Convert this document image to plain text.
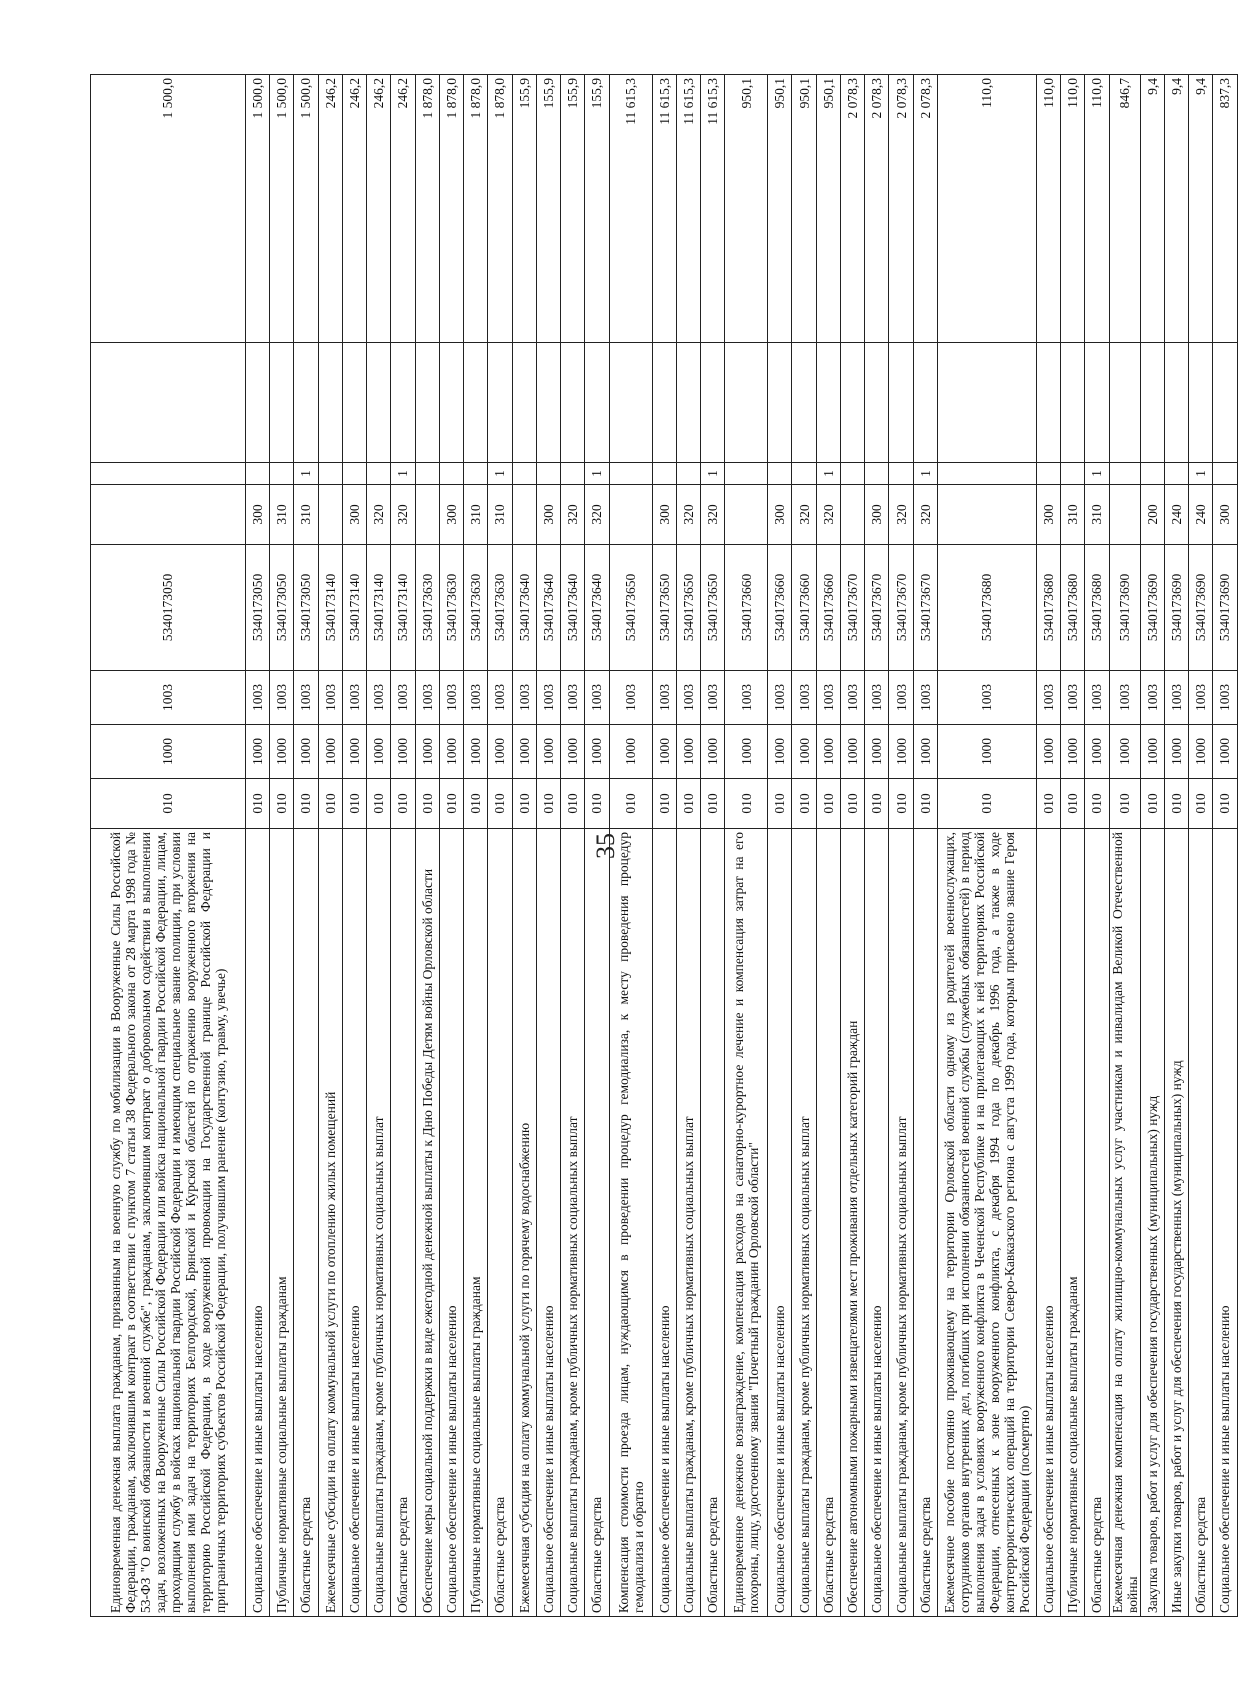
35
Единовременная денежная выплата гражданам, призванным на военную службу по мобилизации в Вооруженные Силы Российской Федерации, гражданам, заключившим контракт в соответствии с пунктом 7 статьи 38 Федерального закона от 28 марта 1998 года № 53-ФЗ "О воинской обязанности и военной службе", гражданам, заключившим контракт о добровольном содействии в выполнении задач, возложенных на Вооруженные Силы Российской Федерации или войска национальной гвардии Российской Федерации, лицам, проходящим службу в войсках национальной гвардии Российской Федерации и имеющим специальное звание полиции, при условии выполнения ими задач на территориях Белгородской, Брянской и Курской областей по отражению вооруженного вторжения на территорию Российской Федерации, в ходе вооруженной провокации на Государственной границе Российской Федерации и приграничных территориях субъектов Российской Федерации, получившим ранение (контузию, травму, увечье)	010	1000	1003	5340173050				1 500,0
Социальное обеспечение и иные выплаты населению	010	1000	1003	5340173050	300			1 500,0
Публичные нормативные социальные выплаты гражданам	010	1000	1003	5340173050	310			1 500,0
Областные средства	010	1000	1003	5340173050	310	1		1 500,0
Ежемесячные субсидии на оплату коммунальной услуги по отоплению жилых помещений	010	1000	1003	5340173140				246,2
Социальное обеспечение и иные выплаты населению	010	1000	1003	5340173140	300			246,2
Социальные выплаты гражданам, кроме публичных нормативных социальных выплат	010	1000	1003	5340173140	320			246,2
Областные средства	010	1000	1003	5340173140	320	1		246,2
Обеспечение меры социальной поддержки в виде ежегодной денежной выплаты к Дню Победы Детям войны Орловской области	010	1000	1003	5340173630				1 878,0
Социальное обеспечение и иные выплаты населению	010	1000	1003	5340173630	300			1 878,0
Публичные нормативные социальные выплаты гражданам	010	1000	1003	5340173630	310			1 878,0
Областные средства	010	1000	1003	5340173630	310	1		1 878,0
Ежемесячная субсидия на оплату коммунальной услуги по горячему водоснабжению	010	1000	1003	5340173640				155,9
Социальное обеспечение и иные выплаты населению	010	1000	1003	5340173640	300			155,9
Социальные выплаты гражданам, кроме публичных нормативных социальных выплат	010	1000	1003	5340173640	320			155,9
Областные средства	010	1000	1003	5340173640	320	1		155,9
Компенсация стоимости проезда лицам, нуждающимся в проведении процедур гемодиализа, к месту проведения процедур гемодиализа и обратно	010	1000	1003	5340173650				11 615,3
Социальное обеспечение и иные выплаты населению	010	1000	1003	5340173650	300			11 615,3
Социальные выплаты гражданам, кроме публичных нормативных социальных выплат	010	1000	1003	5340173650	320			11 615,3
Областные средства	010	1000	1003	5340173650	320	1		11 615,3
Единовременное денежное вознаграждение, компенсация расходов на санаторно-курортное лечение и компенсация затрат на его похороны, лицу, удостоенному звания "Почетный гражданин Орловской области"	010	1000	1003	5340173660				950,1
Социальное обеспечение и иные выплаты населению	010	1000	1003	5340173660	300			950,1
Социальные выплаты гражданам, кроме публичных нормативных социальных выплат	010	1000	1003	5340173660	320			950,1
Областные средства	010	1000	1003	5340173660	320	1		950,1
Обеспечение автономными пожарными извещателями мест проживания отдельных категорий граждан	010	1000	1003	5340173670				2 078,3
Социальное обеспечение и иные выплаты населению	010	1000	1003	5340173670	300			2 078,3
Социальные выплаты гражданам, кроме публичных нормативных социальных выплат	010	1000	1003	5340173670	320			2 078,3
Областные средства	010	1000	1003	5340173670	320	1		2 078,3
Ежемесячное пособие постоянно проживающему на территории Орловской области одному из родителей военнослужащих, сотрудников органов внутренних дел, погибших при исполнении обязанностей военной службы (служебных обязанностей) в период выполнения задач в условиях вооруженного конфликта в Чеченской Республике и на прилегающих к ней территориях Российской Федерации, отнесенных к зоне вооруженного конфликта, с декабря 1994 года по декабрь 1996 года, а также в ходе контртеррористических операций на территории Северо-Кавказского региона с августа 1999 года, которым присвоено звание Героя Российской Федерации (посмертно)	010	1000	1003	5340173680				110,0
Социальное обеспечение и иные выплаты населению	010	1000	1003	5340173680	300			110,0
Публичные нормативные социальные выплаты гражданам	010	1000	1003	5340173680	310			110,0
Областные средства	010	1000	1003	5340173680	310	1		110,0
Ежемесячная денежная компенсация на оплату жилищно-коммунальных услуг участникам и инвалидам Великой Отечественной войны	010	1000	1003	5340173690				846,7
Закупка товаров, работ и услуг для обеспечения государственных (муниципальных) нужд	010	1000	1003	5340173690	200			9,4
Иные закупки товаров, работ и услуг для обеспечения государственных (муниципальных) нужд	010	1000	1003	5340173690	240			9,4
Областные средства	010	1000	1003	5340173690	240	1		9,4
Социальное обеспечение и иные выплаты населению	010	1000	1003	5340173690	300			837,3
